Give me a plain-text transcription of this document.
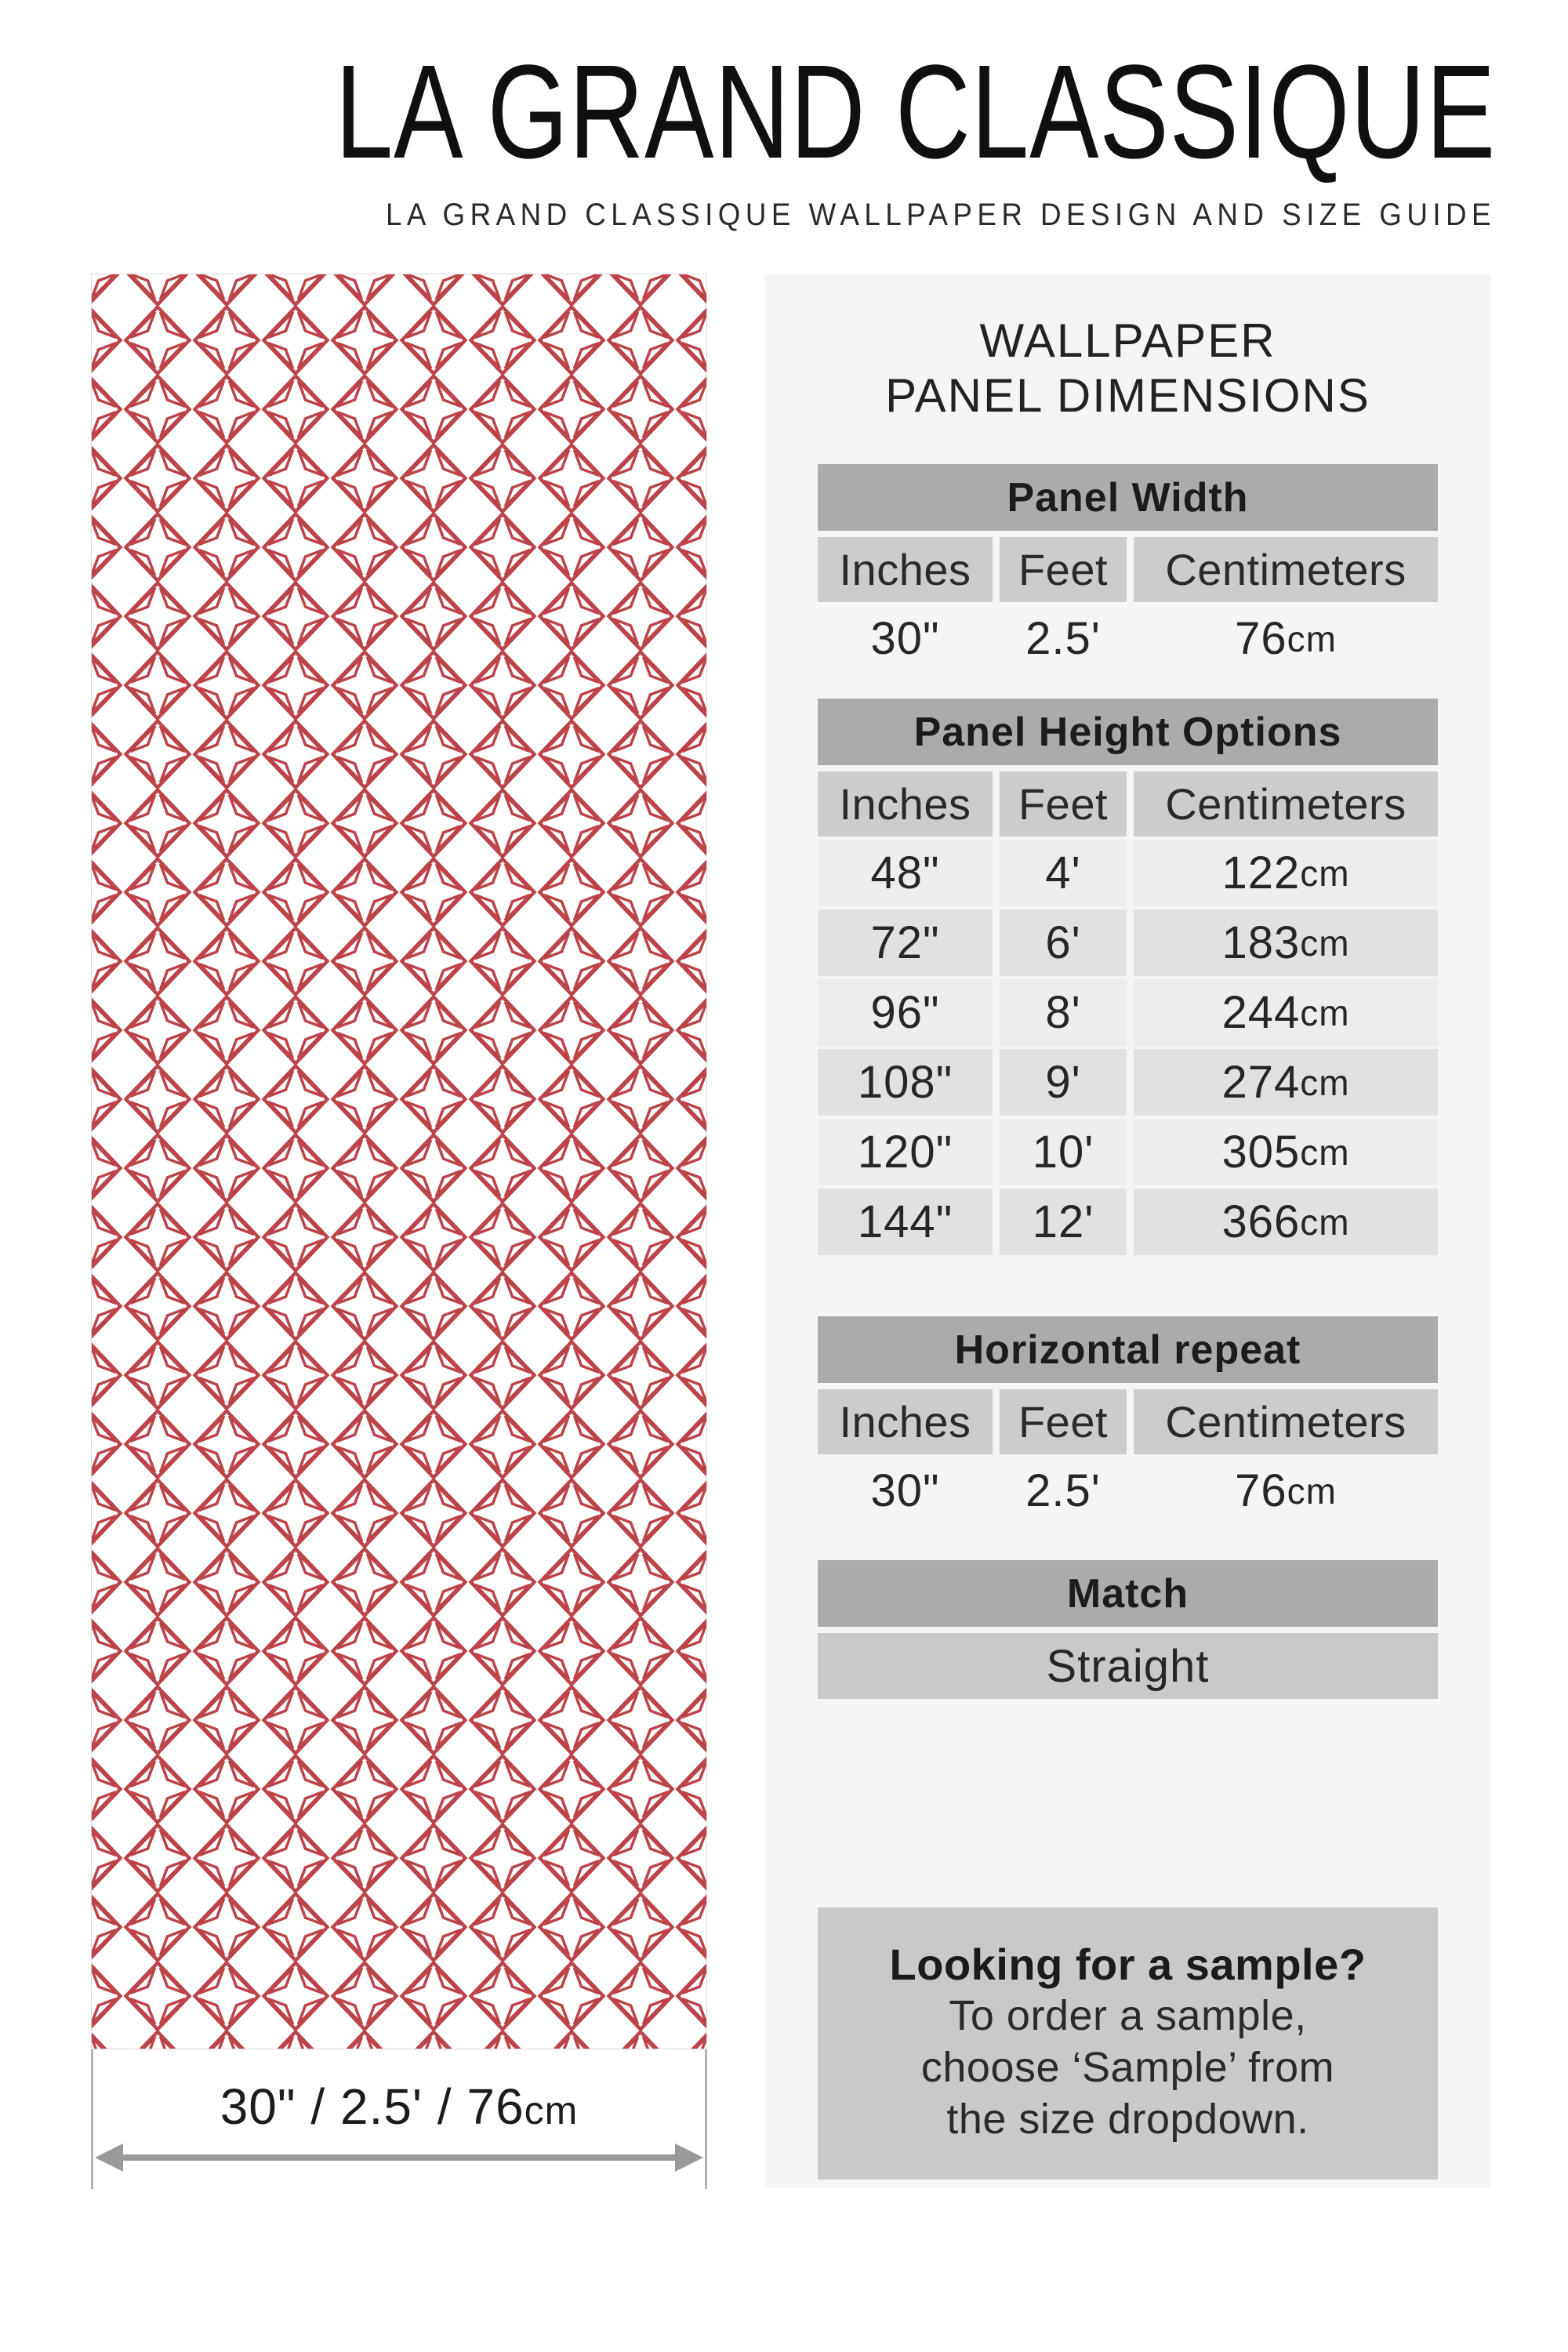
LA GRAND CLASSIQUE
LA GRAND CLASSIQUE WALLPAPER DESIGN AND SIZE GUIDE
30" / 2.5' / 76cm
WALLPAPER
PANEL DIMENSIONS
Panel Width
Inches	Feet	Centimeters
30"	2.5'	76 cm
Panel Height Options
Inches	Feet	Centimeters
48"	4'	122 cm
72"	6'	183 cm
96"	8'	244 cm
108"	9'	274 cm
120"	10'	305 cm
144"	12'	366 cm
Horizontal repeat
Inches	Feet	Centimeters
30"	2.5'	76 cm
Match
Straight
Looking for a sample?
To order a sample,
choose ‘Sample’ from
the size dropdown.
